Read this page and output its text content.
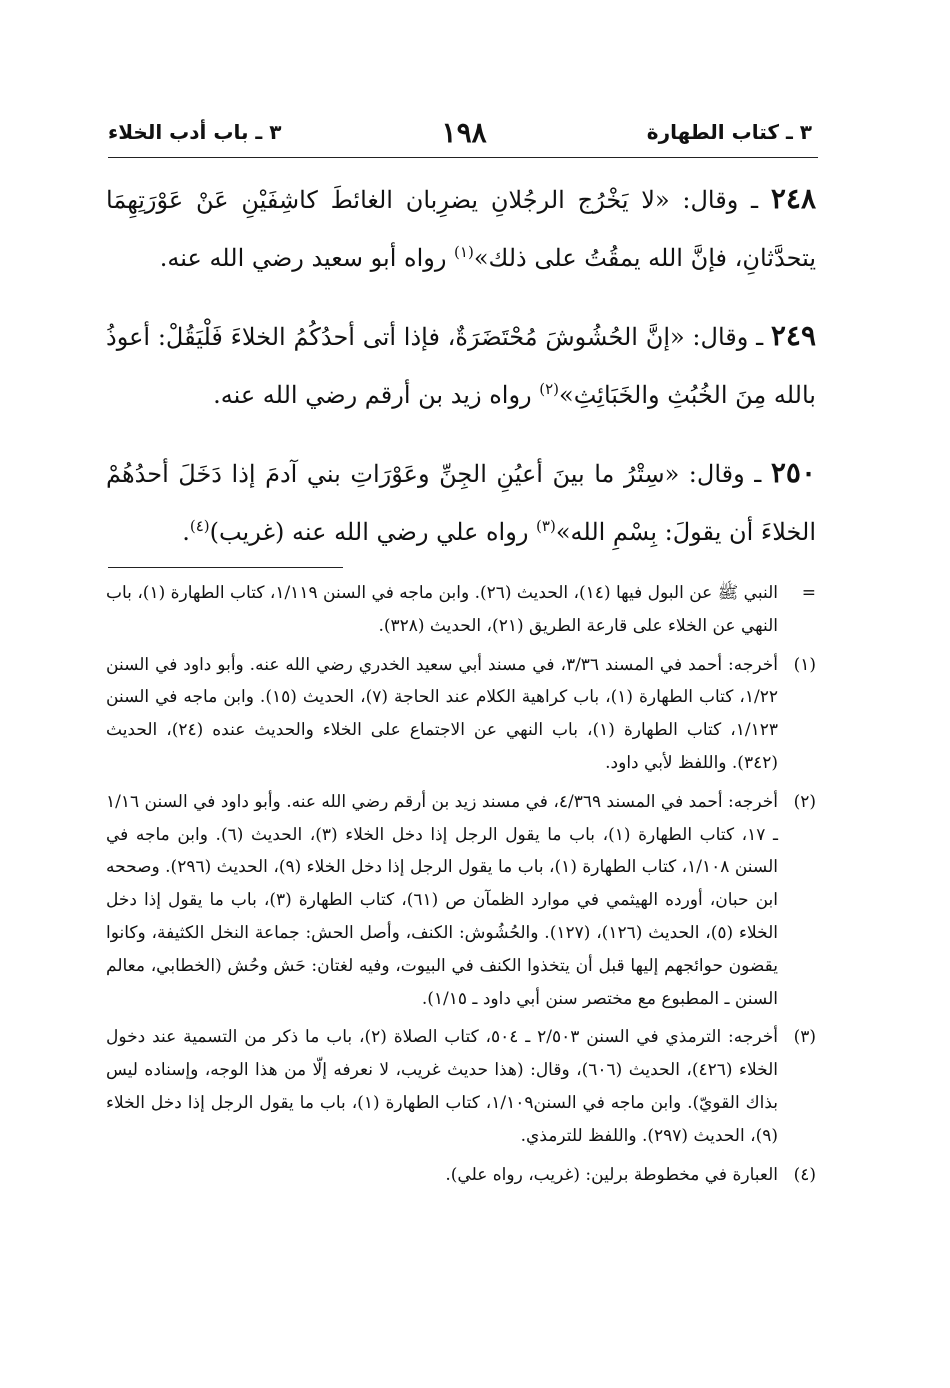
٣ ـ كتاب الطهارة
١٩٨
٣ ـ باب أدب الخلاء

٢٤٨ ـ وقال: «لا يَخْرُج الرجُلانِ يضرِبان الغائطَ كاشِفَيْنِ عَنْ عَوْرَتِهِمَا يتحدَّثانِ، فإنَّ الله يمقُتُ على ذلك»$^{(١)}$ رواه أبو سعيد رضي الله عنه.

٢٤٩ ـ وقال: «إنَّ الحُشُوشَ مُحْتَضَرَةٌ، فإذا أتى أحدُكُمُ الخلاءَ فَلْيَقُلْ: أعوذُ بالله مِنَ الخُبُثِ والخَبَائِثِ»$^{(٢)}$ رواه زيد بن أرقم رضي الله عنه.

٢٥٠ ـ وقال: «سِتْرُ ما بينَ أعيُنِ الجِنِّ وعَوْرَاتِ بني آدمَ إذا دَخَلَ أحدُهُمْ الخلاءَ أن يقولَ: بِسْمِ الله»$^{(٣)}$ رواه علي رضي الله عنه (غريب)$^{(٤)}$.

=
النبي ﷺ عن البول فيها (١٤)، الحديث (٢٦). وابن ماجه في السنن ١/١١٩، كتاب الطهارة (١)، باب النهي عن الخلاء على قارعة الطريق (٢١)، الحديث (٣٢٨).
(١)
أخرجه: أحمد في المسند ٣/٣٦، في مسند أبي سعيد الخدري رضي الله عنه. وأبو داود في السنن ١/٢٢، كتاب الطهارة (١)، باب كراهية الكلام عند الحاجة (٧)، الحديث (١٥). وابن ماجه في السنن ١/١٢٣، كتاب الطهارة (١)، باب النهي عن الاجتماع على الخلاء والحديث عنده (٢٤)، الحديث (٣٤٢). واللفظ لأبي داود.
(٢)
أخرجه: أحمد في المسند ٤/٣٦٩، في مسند زيد بن أرقم رضي الله عنه. وأبو داود في السنن ١/١٦ ـ ١٧، كتاب الطهارة (١)، باب ما يقول الرجل إذا دخل الخلاء (٣)، الحديث (٦). وابن ماجه في السنن ١/١٠٨، كتاب الطهارة (١)، باب ما يقول الرجل إذا دخل الخلاء (٩)، الحديث (٢٩٦). وصححه ابن حبان، أورده الهيثمي في موارد الظمآن ص (٦١)، كتاب الطهارة (٣)، باب ما يقول إذا دخل الخلاء (٥)، الحديث (١٢٦)، (١٢٧). والحُشُوش: الكنف، وأصل الحش: جماعة النخل الكثيفة، وكانوا يقضون حوائجهم إليها قبل أن يتخذوا الكنف في البيوت، وفيه لغتان: حَش وحُش (الخطابي، معالم السنن ـ المطبوع مع مختصر سنن أبي داود ـ ١/١٥).
(٣)
أخرجه: الترمذي في السنن ٢/٥٠٣ ـ ٥٠٤، كتاب الصلاة (٢)، باب ما ذكر من التسمية عند دخول الخلاء (٤٢٦)، الحديث (٦٠٦)، وقال: (هذا حديث غريب، لا نعرفه إلّا من هذا الوجه، وإسناده ليس بذاك القويّ). وابن ماجه في السنن١/١٠٩، كتاب الطهارة (١)، باب ما يقول الرجل إذا دخل الخلاء (٩)، الحديث (٢٩٧). واللفظ للترمذي.
(٤)
العبارة في مخطوطة برلين: (غريب، رواه علي).
